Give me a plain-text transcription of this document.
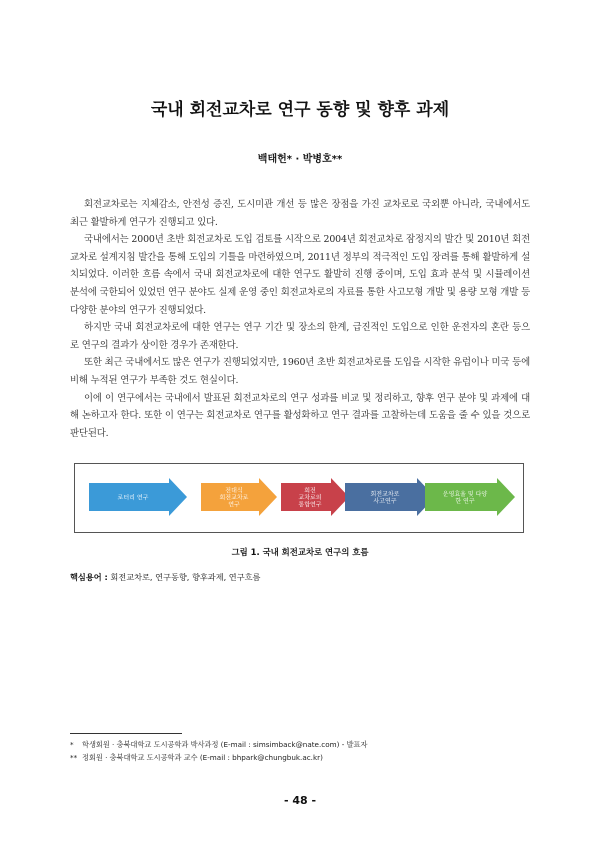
국내 회전교차로 연구 동향 및 향후 과제
백태헌* · 박병호**

회전교차로는 지체감소, 안전성 증진, 도시미관 개선 등 많은 장점을 가진 교차로로 국외뿐 아니라, 국내에서도 최근 활발하게 연구가 진행되고 있다.

국내에서는 2000년 초반 회전교차로 도입 검토를 시작으로 2004년 회전교차로 잠정지의 발간 및 2010년 회전교차로 설계지침 발간을 통해 도입의 기틀을 마련하였으며, 2011년 정부의 적극적인 도입 장려를 통해 활발하게 설치되었다. 이러한 흐름 속에서 국내 회전교차로에 대한 연구도 활발히 진행 중이며, 도입 효과 분석 및 시뮬레이션 분석에 국한되어 있었던 연구 분야도 실제 운영 중인 회전교차로의 자료를 통한 사고모형 개발 및 용량 모형 개발 등 다양한 분야의 연구가 진행되었다.

하지만 국내 회전교차로에 대한 연구는 연구 기간 및 장소의 한계, 급진적인 도입으로 인한 운전자의 혼란 등으로 연구의 결과가 상이한 경우가 존재한다.

또한 최근 국내에서도 많은 연구가 진행되었지만, 1960년 초반 회전교차로를 도입을 시작한 유럽이나 미국 등에 비해 누적된 연구가 부족한 것도 현실이다.

이에 이 연구에서는 국내에서 발표된 회전교차로의 연구 성과를 비교 및 정리하고, 향후 연구 분야 및 과제에 대해 논하고자 한다. 또한 이 연구는 회전교차로 연구를 활성화하고 연구 결과를 고찰하는데 도움을 줄 수 있을 것으로 판단된다.

로터리 연구
전대식
회전교차로
연구
회전
교차로의
통합연구
회전교차로
사고연구
운영효율 및 다양
한 연구
그림 1. 국내 회전교차로 연구의 흐름
핵심용어 : 회전교차로, 연구동향, 향후과제, 연구흐름
* 학생회원 · 충북대학교 도시공학과 박사과정 (E-mail : simsimback@nate.com) - 발표자
** 정회원 · 충북대학교 도시공학과 교수 (E-mail : bhpark@chungbuk.ac.kr)
- 48 -
